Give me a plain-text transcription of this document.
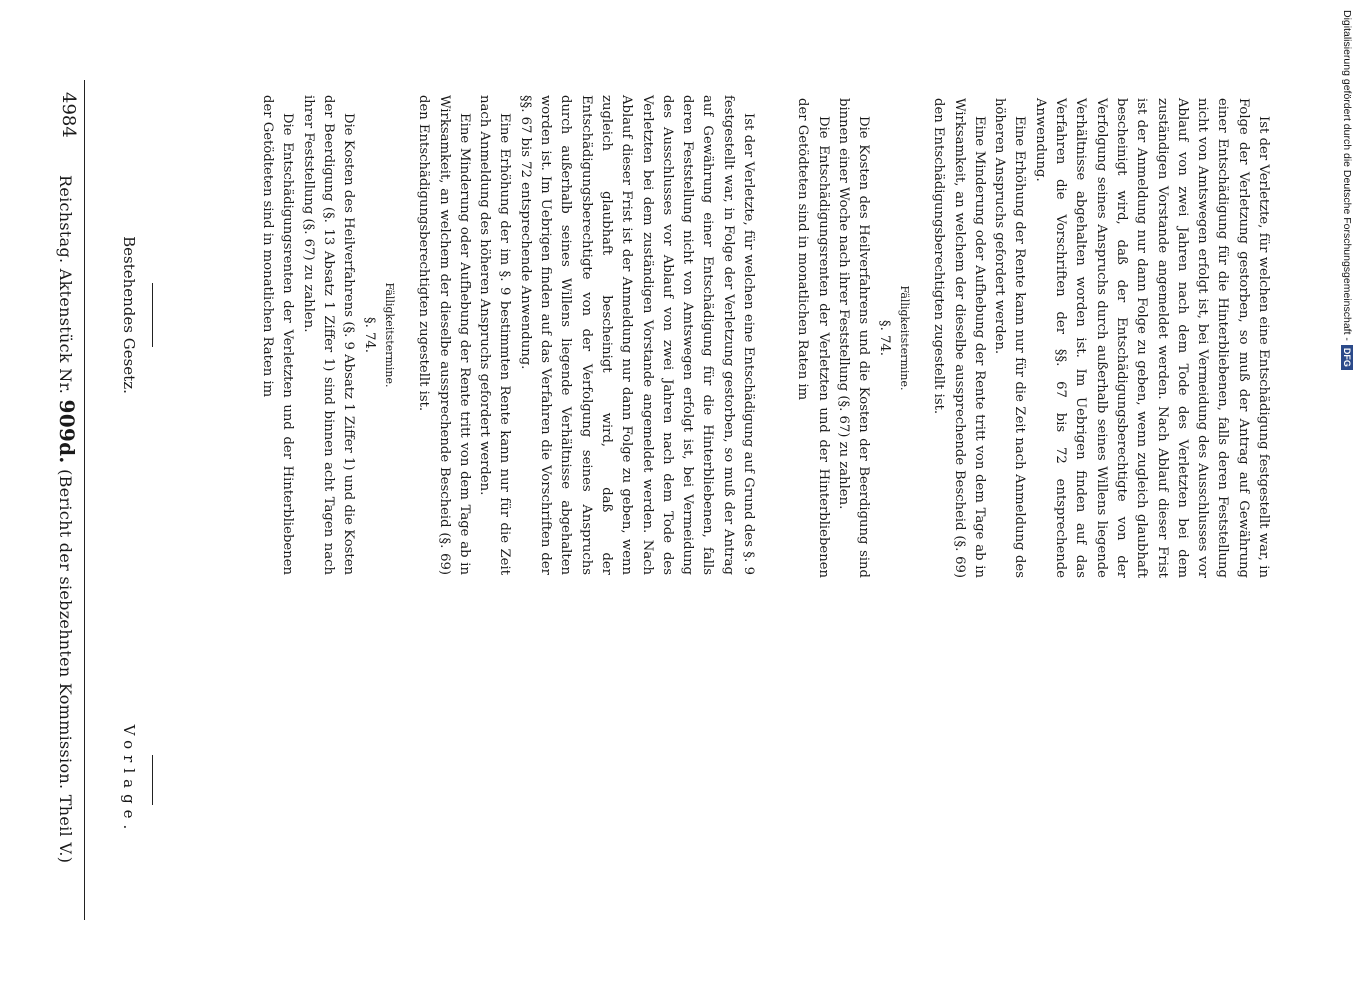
4984
Reichstag. Aktenstück Nr. 909d. (Bericht der siebzehnten Kommission. Theil V.)
Bestehendes Gesetz.
Vorlage.

Ist der Verletzte, für welchen eine Entschädigung auf Grund des §. 9 festgestellt war, in Folge der Verletzung gestorben, so muß der Antrag auf Gewährung einer Entschädigung für die Hinterbliebenen, falls deren Feststellung nicht von Amtswegen erfolgt ist, bei Vermeidung des Ausschlusses vor Ablauf von zwei Jahren nach dem Tode des Verletzten bei dem zuständigen Vorstande angemeldet werden. Nach Ablauf dieser Frist ist der Anmeldung nur dann Folge zu geben, wenn zugleich glaubhaft bescheinigt wird, daß der Entschädigungsberechtigte von der Verfolgung seines Anspruchs durch außerhalb seines Willens liegende Verhältnisse abgehalten worden ist. Im Uebrigen finden auf das Verfahren die Vorschriften der §§. 67 bis 72 entsprechende Anwendung.

Eine Erhöhung der im §. 9 bestimmten Rente kann nur für die Zeit nach Anmeldung des höheren Anspruchs gefordert werden.

Eine Minderung oder Aufhebung der Rente tritt von dem Tage ab in Wirksamkeit, an welchem der dieselbe aussprechende Bescheid (§. 69) den Entschädigungsberechtigten zugestellt ist.

Fälligkeitstermine.

§. 74.

Die Kosten des Heilverfahrens (§. 9 Absatz 1 Ziffer 1) und die Kosten der Beerdigung (§. 13 Absatz 1 Ziffer 1) sind binnen acht Tagen nach ihrer Feststellung (§. 67) zu zahlen.

Die Entschädigungsrenten der Verletzten und der Hinterbliebenen der Getödteten sind in monatlichen Raten im	Ist der Verletzte, für welchen eine Entschädigung festgestellt war, in Folge der Verletzung gestorben, so muß der Antrag auf Gewährung einer Entschädigung für die Hinterbliebenen, falls deren Feststellung nicht von Amtswegen erfolgt ist, bei Vermeidung des Ausschlusses vor Ablauf von zwei Jahren nach dem Tode des Verletzten bei dem zuständigen Vorstande angemeldet werden. Nach Ablauf dieser Frist ist der Anmeldung nur dann Folge zu geben, wenn zugleich glaubhaft bescheinigt wird, daß der Entschädigungsberechtigte von der Verfolgung seines Anspruchs durch außerhalb seines Willens liegende Verhältnisse abgehalten worden ist. Im Uebrigen finden auf das Verfahren die Vorschriften der §§. 67 bis 72 entsprechende Anwendung.

Eine Erhöhung der Rente kann nur für die Zeit nach Anmeldung des höheren Anspruchs gefordert werden.

Eine Minderung oder Aufhebung der Rente tritt von dem Tage ab in Wirksamkeit, an welchem der dieselbe aussprechende Bescheid (§. 69) den Entschädigungsberechtigten zugestellt ist.

Fälligkeitstermine.

§. 74.

Die Kosten des Heilverfahrens und die Kosten der Beerdigung sind binnen einer Woche nach ihrer Feststellung (§. 67) zu zahlen.

Die Entschädigungsrenten der Verletzten und der Hinterbliebenen der Getödteten sind in monatlichen Raten im	Digitalisierung gefördert durch die Deutsche Forschungsgemeinschaft -DFG
